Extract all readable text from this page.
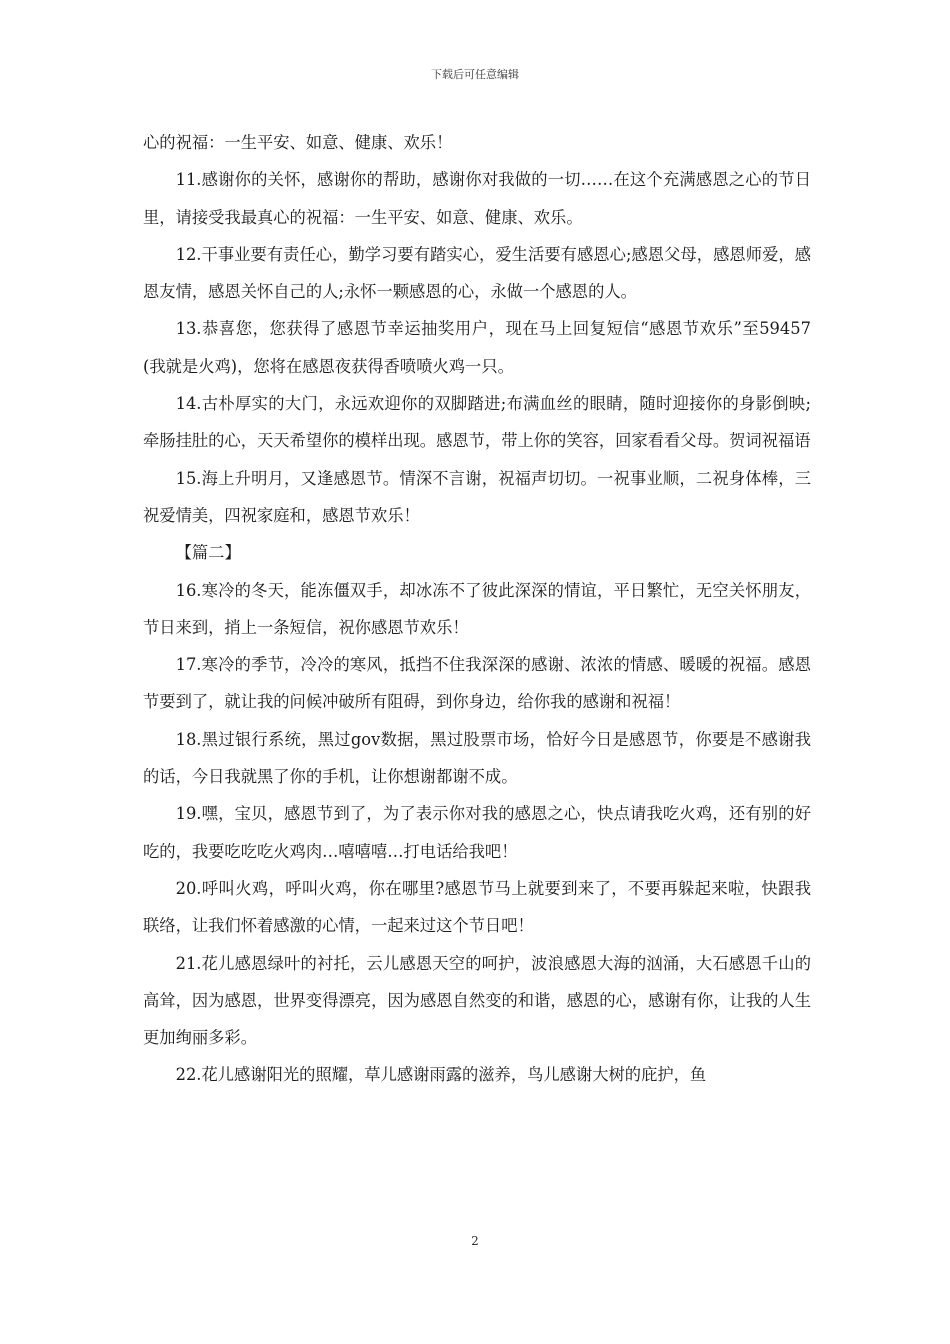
下载后可任意编辑

心的祝福：一生平安、如意、健康、欢乐！

11.感谢你的关怀，感谢你的帮助，感谢你对我做的一切……在这个充满感恩之心的节日里，请接受我最真心的祝福：一生平安、如意、健康、欢乐。

12.干事业要有责任心，勤学习要有踏实心，爱生活要有感恩心;感恩父母，感恩师爱，感恩友情，感恩关怀自己的人;永怀一颗感恩的心，永做一个感恩的人。

13.恭喜您，您获得了感恩节幸运抽奖用户，现在马上回复短信“感恩节欢乐”至59457(我就是火鸡)，您将在感恩夜获得香喷喷火鸡一只。

14.古朴厚实的大门，永远欢迎你的双脚踏进;布满血丝的眼睛，随时迎接你的身影倒映;牵肠挂肚的心，天天希望你的模样出现。感恩节，带上你的笑容，回家看看父母。贺词祝福语

15.海上升明月，又逢感恩节。情深不言谢，祝福声切切。一祝事业顺，二祝身体棒，三祝爱情美，四祝家庭和，感恩节欢乐！

【篇二】

16.寒冷的冬天，能冻僵双手，却冰冻不了彼此深深的情谊，平日繁忙，无空关怀朋友，节日来到，捎上一条短信，祝你感恩节欢乐！

17.寒冷的季节，冷冷的寒风，抵挡不住我深深的感谢、浓浓的情感、暖暖的祝福。感恩节要到了，就让我的问候冲破所有阻碍，到你身边，给你我的感谢和祝福！

18.黑过银行系统，黑过gov数据，黑过股票市场，恰好今日是感恩节，你要是不感谢我的话，今日我就黑了你的手机，让你想谢都谢不成。

19.嘿，宝贝，感恩节到了，为了表示你对我的感恩之心，快点请我吃火鸡，还有别的好吃的，我要吃吃吃火鸡肉…嘻嘻嘻…打电话给我吧！

20.呼叫火鸡，呼叫火鸡，你在哪里?感恩节马上就要到来了，不要再躲起来啦，快跟我联络，让我们怀着感激的心情，一起来过这个节日吧！

21.花儿感恩绿叶的衬托，云儿感恩天空的呵护，波浪感恩大海的汹涌，大石感恩千山的高耸，因为感恩，世界变得漂亮，因为感恩自然变的和谐，感恩的心，感谢有你，让我的人生更加绚丽多彩。

22.花儿感谢阳光的照耀，草儿感谢雨露的滋养，鸟儿感谢大树的庇护，鱼

2
